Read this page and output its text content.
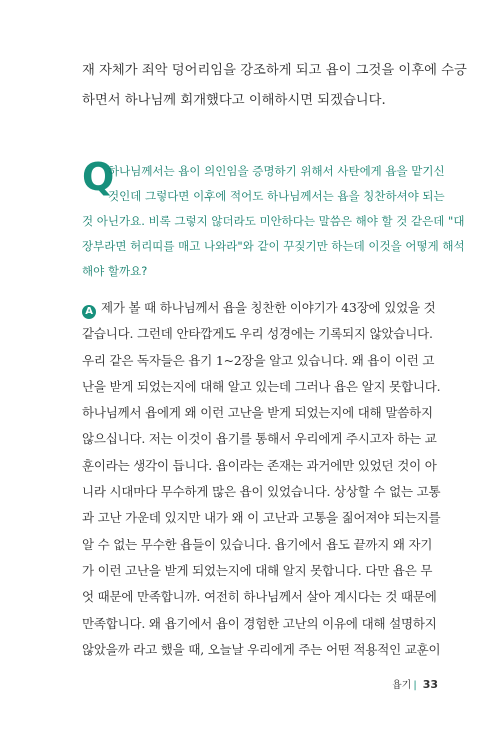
재 자체가 죄악 덩어리임을 강조하게 되고 욥이 그것을 이후에 수긍
하면서 하나님께 회개했다고 이해하시면 되겠습니다.
Q
하나님께서는 욥이 의인임을 증명하기 위해서 사탄에게 욥을 맡기신
것인데 그렇다면 이후에 적어도 하나님께서는 욥을 칭찬하셔야 되는
것 아닌가요. 비록 그렇지 않더라도 미안하다는 말씀은 해야 할 것 같은데 "대
장부라면 허리띠를 매고 나와라"와 같이 꾸짖기만 하는데 이것을 어떻게 해석
해야 할까요?
A 제가 볼 때 하나님께서 욥을 칭찬한 이야기가 43장에 있었을 것
같습니다. 그런데 안타깝게도 우리 성경에는 기록되지 않았습니다.
우리 같은 독자들은 욥기 1~2장을 알고 있습니다. 왜 욥이 이런 고
난을 받게 되었는지에 대해 알고 있는데 그러나 욥은 알지 못합니다.
하나님께서 욥에게 왜 이런 고난을 받게 되었는지에 대해 말씀하지
않으십니다. 저는 이것이 욥기를 통해서 우리에게 주시고자 하는 교
훈이라는 생각이 듭니다. 욥이라는 존재는 과거에만 있었던 것이 아
니라 시대마다 무수하게 많은 욥이 있었습니다. 상상할 수 없는 고통
과 고난 가운데 있지만 내가 왜 이 고난과 고통을 짊어져야 되는지를
알 수 없는 무수한 욥들이 있습니다. 욥기에서 욥도 끝까지 왜 자기
가 이런 고난을 받게 되었는지에 대해 알지 못합니다. 다만 욥은 무
엇 때문에 만족합니까. 여전히 하나님께서 살아 계시다는 것 때문에
만족합니다. 왜 욥기에서 욥이 경험한 고난의 이유에 대해 설명하지
않았을까 라고 했을 때, 오늘날 우리에게 주는 어떤 적용적인 교훈이
욥기 | 33
